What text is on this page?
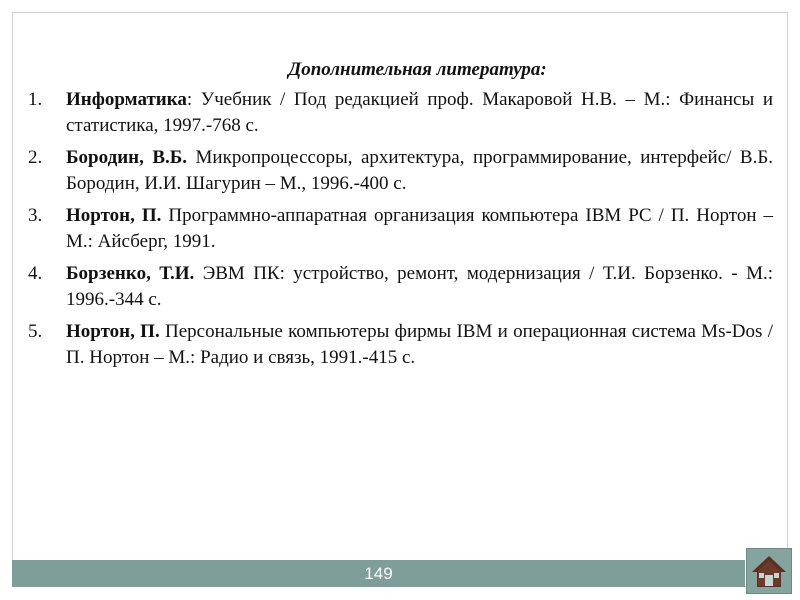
Дополнительная литература:
1. Информатика: Учебник / Под редакцией проф. Макаровой Н.В. – М.: Финансы и статистика, 1997.-768 с.
2. Бородин, В.Б. Микропроцессоры, архитектура, программирование, интерфейс/ В.Б. Бородин, И.И. Шагурин – М., 1996.-400 с.
3. Нортон, П. Программно-аппаратная организация компьютера IBM PC / П. Нортон – М.: Айсберг, 1991.
4. Борзенко, Т.И. ЭВМ ПК: устройство, ремонт, модернизация / Т.И. Борзенко. - М.: 1996.-344 с.
5. Нортон, П. Персональные компьютеры фирмы IBM и операционная система Ms-Dos / П. Нортон – М.: Радио и связь, 1991.-415 с.
149
